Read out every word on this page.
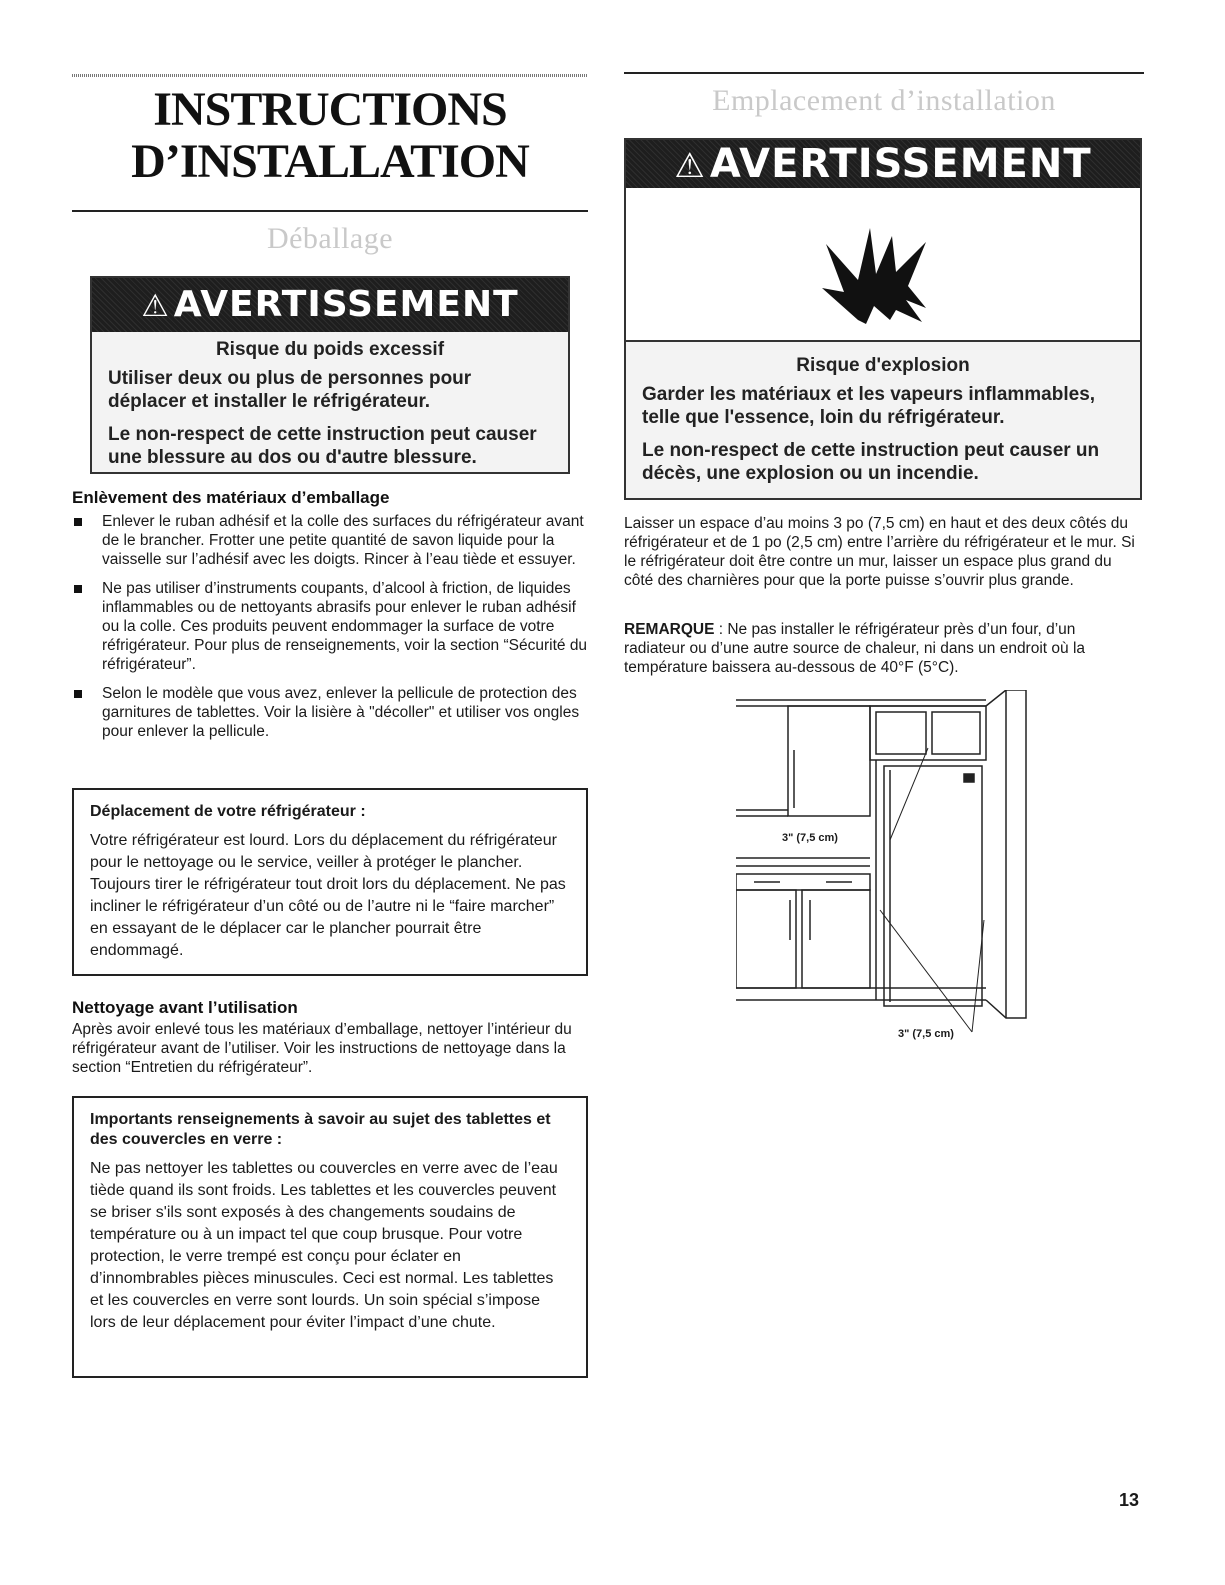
INSTRUCTIONS
D’INSTALLATION
Déballage
⚠ AVERTISSEMENT

Risque du poids excessif

Utiliser deux ou plus de personnes pour déplacer et installer le réfrigérateur.

Le non-respect de cette instruction peut causer une blessure au dos ou d'autre blessure.

Enlèvement des matériaux d’emballage
Enlever le ruban adhésif et la colle des surfaces du réfrigérateur avant de le brancher. Frotter une petite quantité de savon liquide pour la vaisselle sur l’adhésif avec les doigts. Rincer à l’eau tiède et essuyer.
Ne pas utiliser d’instruments coupants, d’alcool à friction, de liquides inflammables ou de nettoyants abrasifs pour enlever le ruban adhésif ou la colle. Ces produits peuvent endommager la surface de votre réfrigérateur. Pour plus de renseignements, voir la section “Sécurité du réfrigérateur”.
Selon le modèle que vous avez, enlever la pellicule de protection des garnitures de tablettes. Voir la lisière à "décoller" et utiliser vos ongles pour enlever la pellicule.
Déplacement de votre réfrigérateur :

Votre réfrigérateur est lourd. Lors du déplacement du réfrigérateur pour le nettoyage ou le service, veiller à protéger le plancher. Toujours tirer le réfrigérateur tout droit lors du déplacement. Ne pas incliner le réfrigérateur d’un côté ou de l’autre ni le “faire marcher” en essayant de le déplacer car le plancher pourrait être endommagé.

Nettoyage avant l’utilisation

Après avoir enlevé tous les matériaux d’emballage, nettoyer l’intérieur du réfrigérateur avant de l’utiliser. Voir les instructions de nettoyage dans la section “Entretien du réfrigérateur”.

Importants renseignements à savoir au sujet des tablettes et des couvercles en verre :

Ne pas nettoyer les tablettes ou couvercles en verre avec de l’eau tiède quand ils sont froids. Les tablettes et les couvercles peuvent se briser s'ils sont exposés à des changements soudains de température ou à un impact tel que coup brusque. Pour votre protection, le verre trempé est conçu pour éclater en d’innombrables pièces minuscules. Ceci est normal. Les tablettes et les couvercles en verre sont lourds. Un soin spécial s’impose lors de leur déplacement pour éviter l’impact d’une chute.

Emplacement d’installation
⚠ AVERTISSEMENT

Risque d'explosion

Garder les matériaux et les vapeurs inflammables, telle que l'essence, loin du réfrigérateur.

Le non-respect de cette instruction peut causer un décès, une explosion ou un incendie.

Laisser un espace d’au moins 3 po (7,5 cm) en haut et des deux côtés du réfrigérateur et de 1 po (2,5 cm) entre l’arrière du réfrigérateur et le mur. Si le réfrigérateur doit être contre un mur, laisser un espace plus grand du côté des charnières pour que la porte puisse s’ouvrir plus grande.

REMARQUE : Ne pas installer le réfrigérateur près d’un four, d’un radiateur ou d’une autre source de chaleur, ni dans un endroit où la température baissera au-dessous de 40°F (5°C).

3" (7,5 cm)
3" (7,5 cm)
13
